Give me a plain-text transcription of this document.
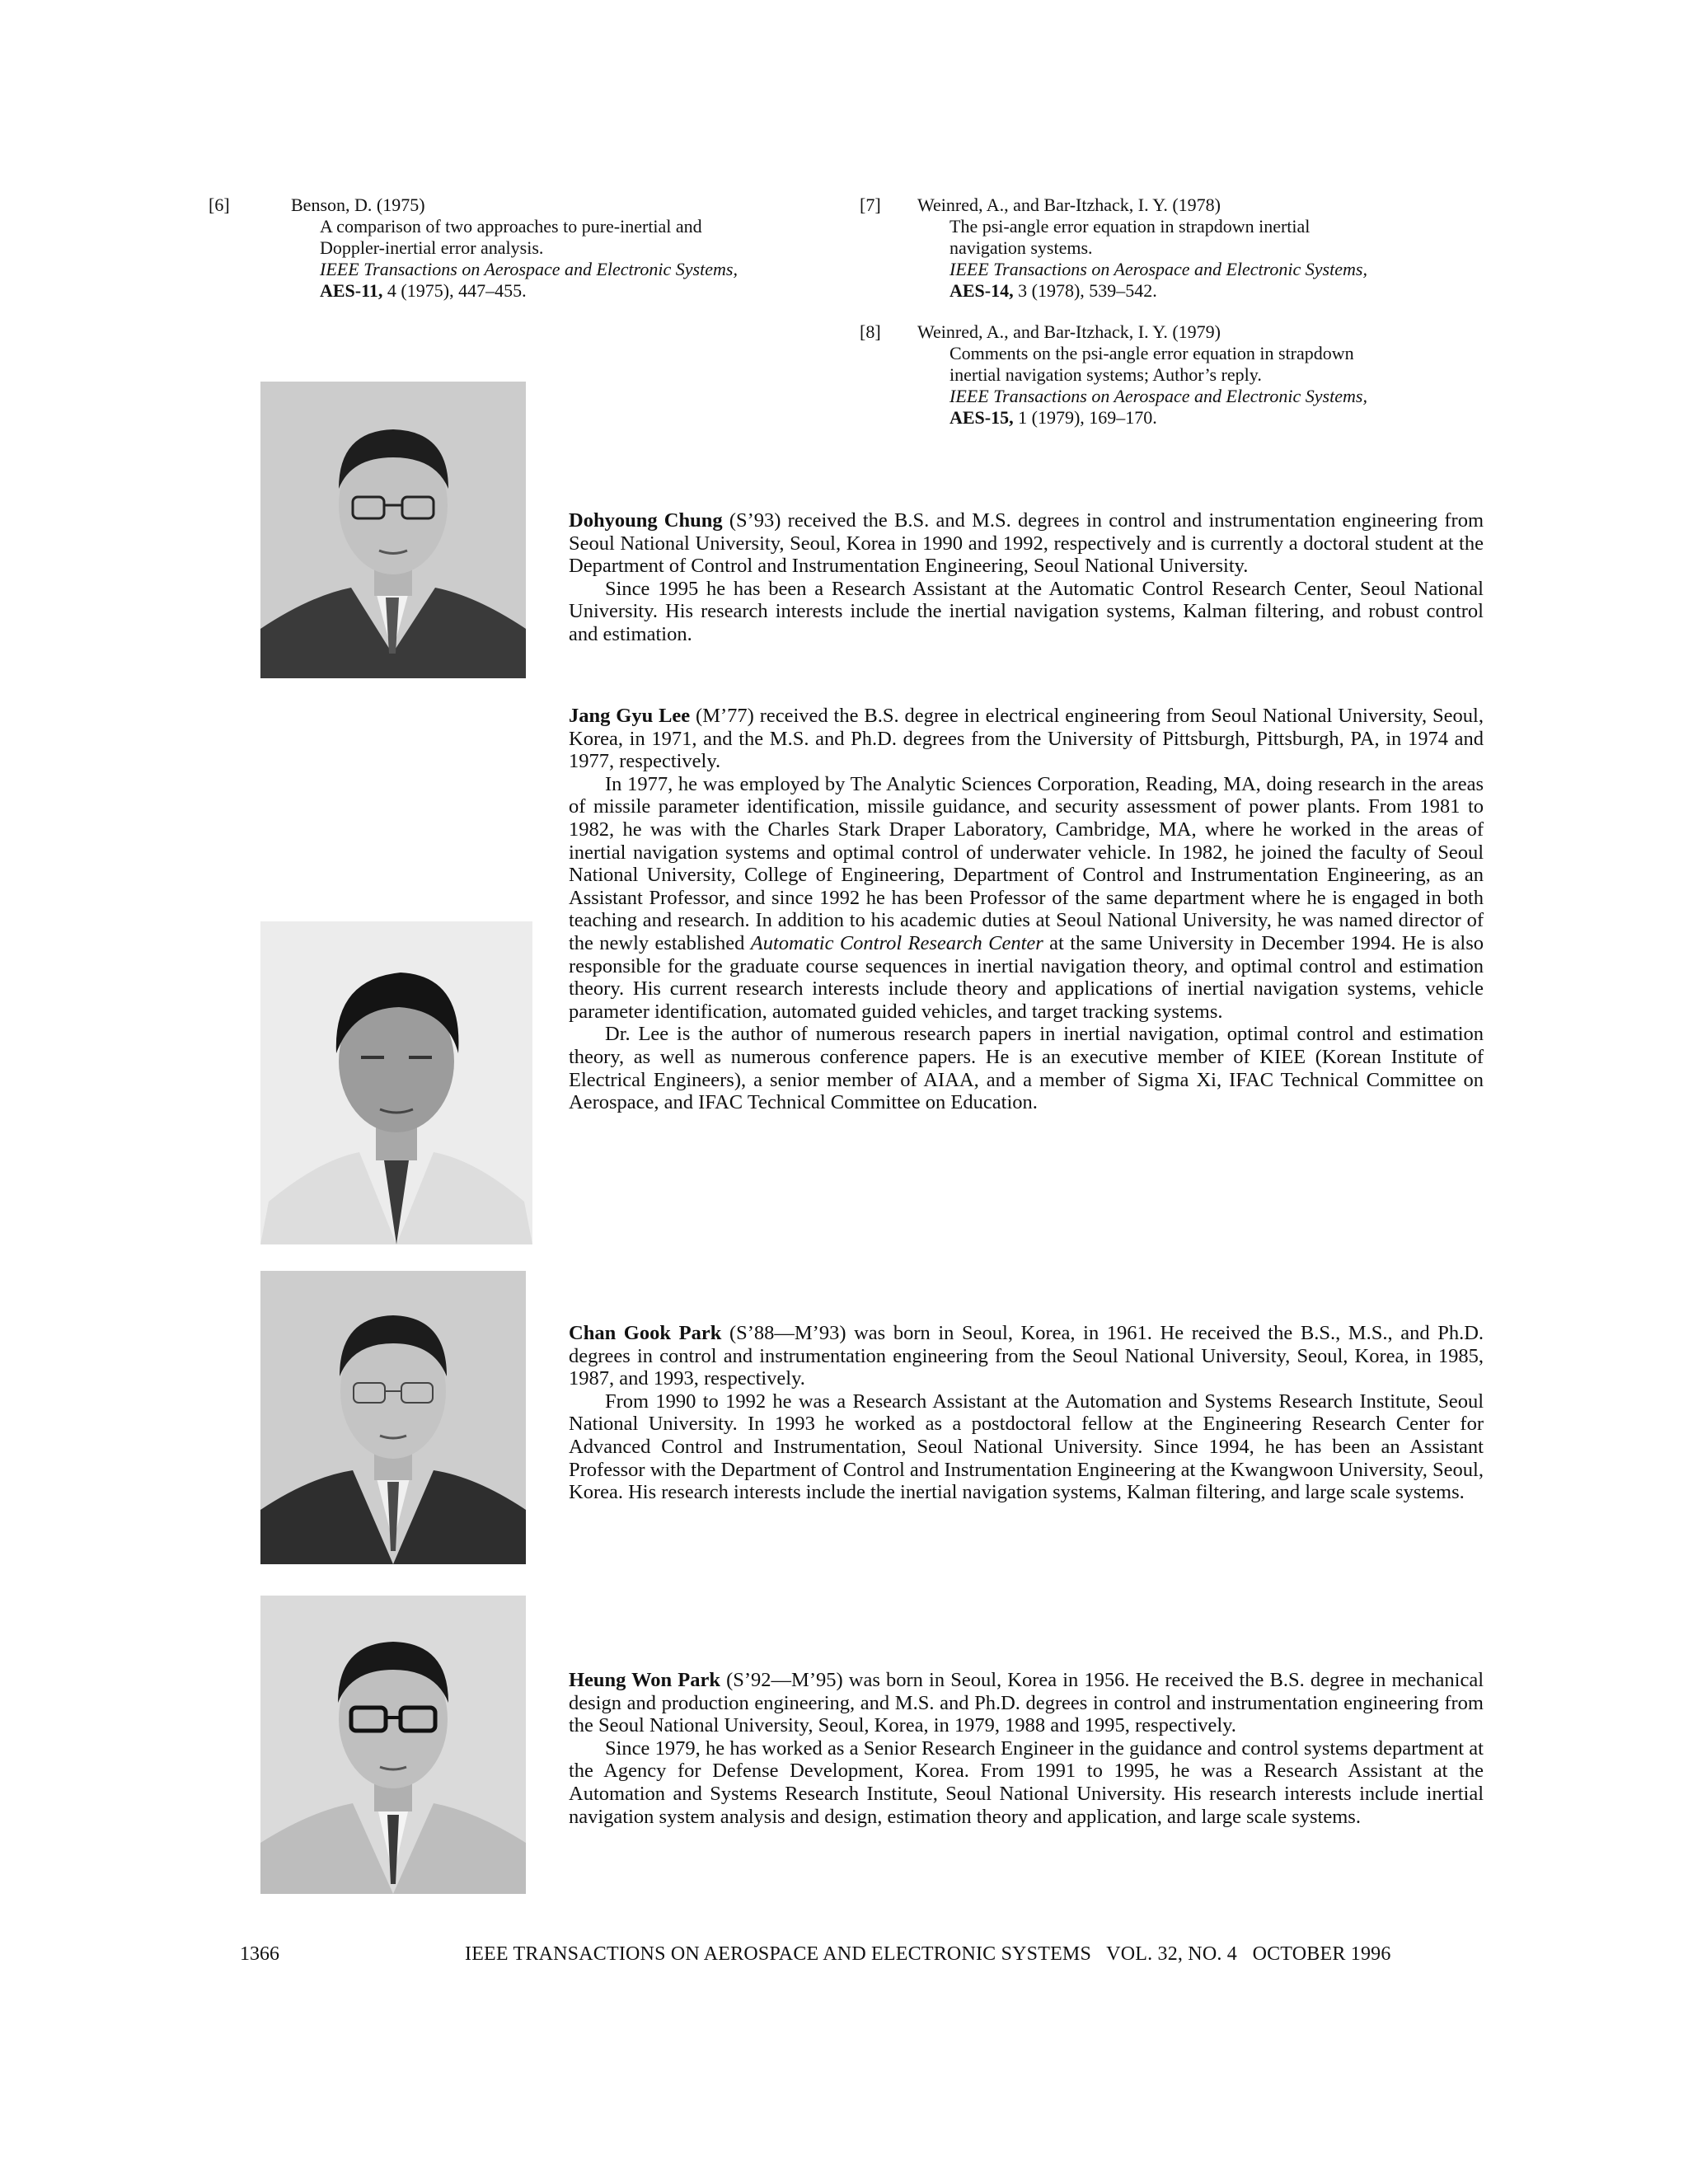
[6]	Benson, D. (1975)
A comparison of two approaches to pure-inertial and
Doppler-inertial error analysis.
IEEE Transactions on Aerospace and Electronic Systems,
AES-11, 4 (1975), 447–455.
[7] Weinred, A., and Bar-Itzhack, I. Y. (1978)
The psi-angle error equation in strapdown inertial
navigation systems.
IEEE Transactions on Aerospace and Electronic Systems,
AES-14, 3 (1978), 539–542.
[8] Weinred, A., and Bar-Itzhack, I. Y. (1979)
Comments on the psi-angle error equation in strapdown
inertial navigation systems; Author’s reply.
IEEE Transactions on Aerospace and Electronic Systems,
AES-15, 1 (1979), 169–170.

Dohyoung Chung (S’93) received the B.S. and M.S. degrees in control and instrumentation engineering from Seoul National University, Seoul, Korea in 1990 and 1992, respectively and is currently a doctoral student at the Department of Control and Instrumentation Engineering, Seoul National University.

Since 1995 he has been a Research Assistant at the Automatic Control Research Center, Seoul National University. His research interests include the inertial navigation systems, Kalman filtering, and robust control and estimation.

Jang Gyu Lee (M’77) received the B.S. degree in electrical engineering from Seoul National University, Seoul, Korea, in 1971, and the M.S. and Ph.D. degrees from the University of Pittsburgh, Pittsburgh, PA, in 1974 and 1977, respectively.

In 1977, he was employed by The Analytic Sciences Corporation, Reading, MA, doing research in the areas of missile parameter identification, missile guidance, and security assessment of power plants. From 1981 to 1982, he was with the Charles Stark Draper Laboratory, Cambridge, MA, where he worked in the areas of inertial navigation systems and optimal control of underwater vehicle. In 1982, he joined the faculty of Seoul National University, College of Engineering, Department of Control and Instrumentation Engineering, as an Assistant Professor, and since 1992 he has been Professor of the same department where he is engaged in both teaching and research. In addition to his academic duties at Seoul National University, he was named director of the newly established Automatic Control Research Center at the same University in December 1994. He is also responsible for the graduate course sequences in inertial navigation theory, and optimal control and estimation theory. His current research interests include theory and applications of inertial navigation systems, vehicle parameter identification, automated guided vehicles, and target tracking systems.

Dr. Lee is the author of numerous research papers in inertial navigation, optimal control and estimation theory, as well as numerous conference papers. He is an executive member of KIEE (Korean Institute of Electrical Engineers), a senior member of AIAA, and a member of Sigma Xi, IFAC Technical Committee on Aerospace, and IFAC Technical Committee on Education.

Chan Gook Park (S’88—M’93) was born in Seoul, Korea, in 1961. He received the B.S., M.S., and Ph.D. degrees in control and instrumentation engineering from the Seoul National University, Seoul, Korea, in 1985, 1987, and 1993, respectively.

From 1990 to 1992 he was a Research Assistant at the Automation and Systems Research Institute, Seoul National University. In 1993 he worked as a postdoctoral fellow at the Engineering Research Center for Advanced Control and Instrumentation, Seoul National University. Since 1994, he has been an Assistant Professor with the Department of Control and Instrumentation Engineering at the Kwangwoon University, Seoul, Korea. His research interests include the inertial navigation systems, Kalman filtering, and large scale systems.

Heung Won Park (S’92—M’95) was born in Seoul, Korea in 1956. He received the B.S. degree in mechanical design and production engineering, and M.S. and Ph.D. degrees in control and instrumentation engineering from the Seoul National University, Seoul, Korea, in 1979, 1988 and 1995, respectively.

Since 1979, he has worked as a Senior Research Engineer in the guidance and control systems department at the Agency for Defense Development, Korea. From 1991 to 1995, he was a Research Assistant at the Automation and Systems Research Institute, Seoul National University. His research interests include inertial navigation system analysis and design, estimation theory and application, and large scale systems.

1366	IEEE TRANSACTIONS ON AEROSPACE AND ELECTRONIC SYSTEMS   VOL. 32, NO. 4   OCTOBER 1996
